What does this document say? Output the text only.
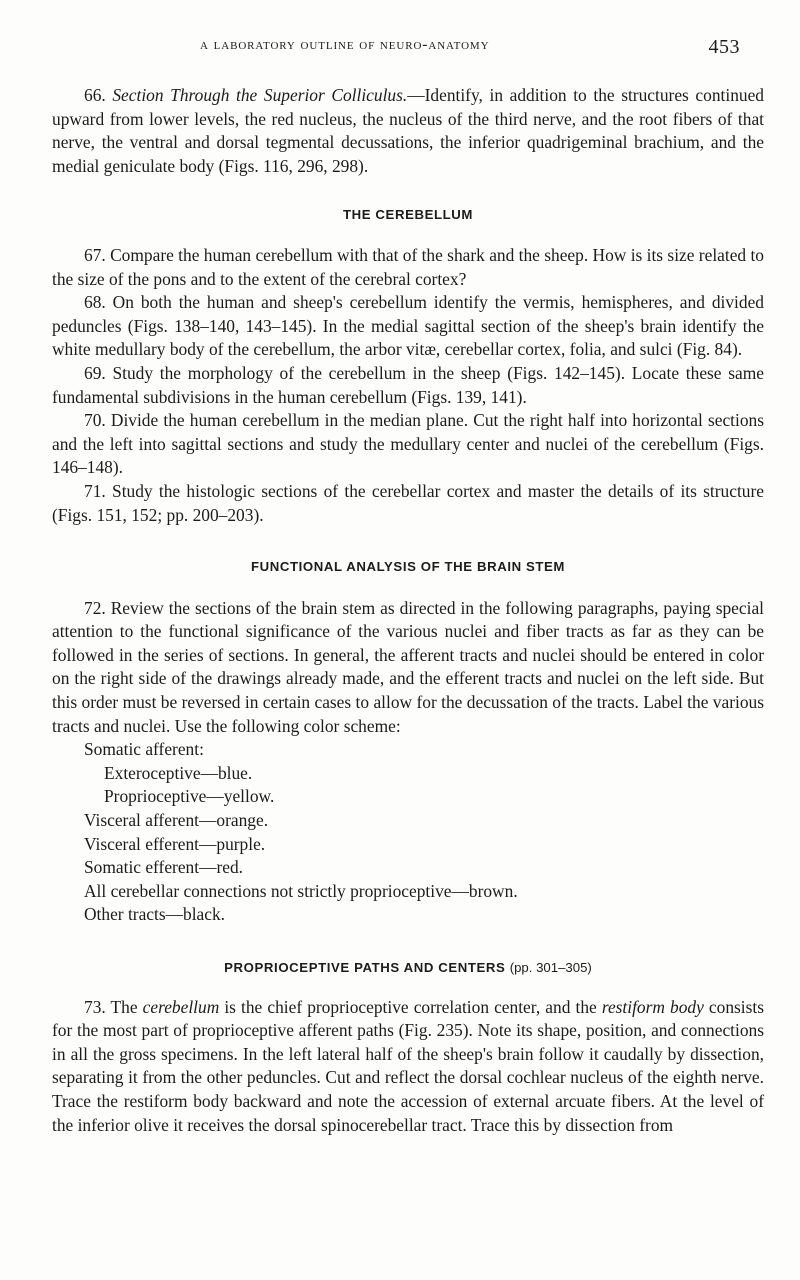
a laboratory outline of neuro-anatomy	453

66. Section Through the Superior Colliculus.—Identify, in addition to the structures continued upward from lower levels, the red nucleus, the nucleus of the third nerve, and the root fibers of that nerve, the ventral and dorsal tegmental decussations, the inferior quadrigeminal brachium, and the medial geniculate body (Figs. 116, 296, 298).

THE CEREBELLUM

67. Compare the human cerebellum with that of the shark and the sheep. How is its size related to the size of the pons and to the extent of the cerebral cortex?

68. On both the human and sheep's cerebellum identify the vermis, hemispheres, and divided peduncles (Figs. 138–140, 143–145). In the medial sagittal section of the sheep's brain identify the white medullary body of the cerebellum, the arbor vitæ, cerebellar cortex, folia, and sulci (Fig. 84).

69. Study the morphology of the cerebellum in the sheep (Figs. 142–145). Locate these same fundamental subdivisions in the human cerebellum (Figs. 139, 141).

70. Divide the human cerebellum in the median plane. Cut the right half into horizontal sections and the left into sagittal sections and study the medullary center and nuclei of the cerebellum (Figs. 146–148).

71. Study the histologic sections of the cerebellar cortex and master the details of its structure (Figs. 151, 152; pp. 200–203).

FUNCTIONAL ANALYSIS OF THE BRAIN STEM

72. Review the sections of the brain stem as directed in the following paragraphs, paying special attention to the functional significance of the various nuclei and fiber tracts as far as they can be followed in the series of sections. In general, the afferent tracts and nuclei should be entered in color on the right side of the drawings already made, and the efferent tracts and nuclei on the left side. But this order must be reversed in certain cases to allow for the decussation of the tracts. Label the various tracts and nuclei. Use the following color scheme:

Somatic afferent:

Exteroceptive—blue.

Proprioceptive—yellow.

Visceral afferent—orange.

Visceral efferent—purple.

Somatic efferent—red.

All cerebellar connections not strictly proprioceptive—brown.

Other tracts—black.

PROPRIOCEPTIVE PATHS AND CENTERS (pp. 301–305)

73. The cerebellum is the chief proprioceptive correlation center, and the restiform body consists for the most part of proprioceptive afferent paths (Fig. 235). Note its shape, position, and connections in all the gross specimens. In the left lateral half of the sheep's brain follow it caudally by dissection, separating it from the other peduncles. Cut and reflect the dorsal cochlear nucleus of the eighth nerve. Trace the restiform body backward and note the accession of external arcuate fibers. At the level of the inferior olive it receives the dorsal spinocerebellar tract. Trace this by dissection from
